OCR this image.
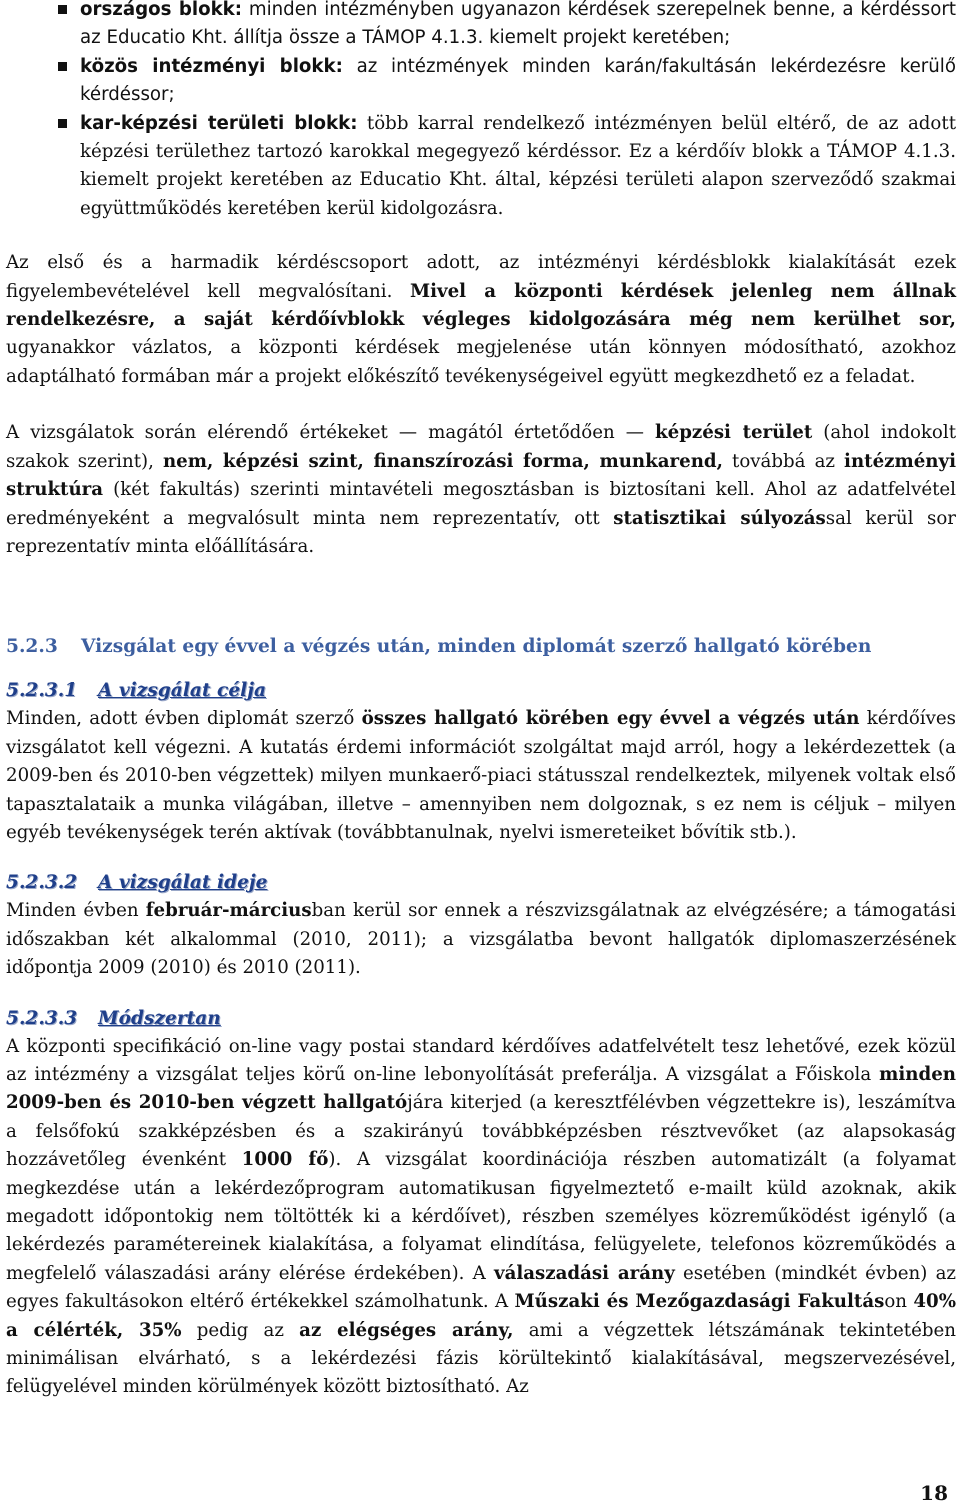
országos blokk: minden intézményben ugyanazon kérdések szerepelnek benne, a kérdéssort az Educatio Kht. állítja össze a TÁMOP 4.1.3. kiemelt projekt keretében;
közös intézményi blokk: az intézmények minden karán/fakultásán lekérdezésre kerülő kérdéssor;
kar-képzési területi blokk: több karral rendelkező intézményen belül eltérő, de az adott képzési területhez tartozó karokkal megegyező kérdéssor. Ez a kérdőív blokk a TÁMOP 4.1.3. kiemelt projekt keretében az Educatio Kht. által, képzési területi alapon szerveződő szakmai együttműködés keretében kerül kidolgozásra.

Az első és a harmadik kérdéscsoport adott, az intézményi kérdésblokk kialakítását ezek figyelembevételével kell megvalósítani. Mivel a központi kérdések jelenleg nem állnak rendelkezésre, a saját kérdőívblokk végleges kidolgozására még nem kerülhet sor, ugyanakkor vázlatos, a központi kérdések megjelenése után könnyen módosítható, azokhoz adaptálható formában már a projekt előkészítő tevékenységeivel együtt megkezdhető ez a feladat.

A vizsgálatok során elérendő értékeket — magától értetődően — képzési terület (ahol indokolt szakok szerint), nem, képzési szint, finanszírozási forma, munkarend, továbbá az intézményi struktúra (két fakultás) szerinti mintavételi megosztásban is biztosítani kell. Ahol az adatfelvétel eredményeként a megvalósult minta nem reprezentatív, ott statisztikai súlyozással kerül sor reprezentatív minta előállítására.

5.2.3 Vizsgálat egy évvel a végzés után, minden diplomát szerző hallgató körében
5.2.3.1 A vizsgálat célja

Minden, adott évben diplomát szerző összes hallgató körében egy évvel a végzés után kérdőíves vizsgálatot kell végezni. A kutatás érdemi információt szolgáltat majd arról, hogy a lekérdezettek (a 2009-ben és 2010-ben végzettek) milyen munkaerő-piaci státusszal rendelkeztek, milyenek voltak első tapasztalataik a munka világában, illetve – amennyiben nem dolgoznak, s ez nem is céljuk – milyen egyéb tevékenységek terén aktívak (továbbtanulnak, nyelvi ismereteiket bővítik stb.).

5.2.3.2 A vizsgálat ideje

Minden évben február-márciusban kerül sor ennek a részvizsgálatnak az elvégzésére; a támogatási időszakban két alkalommal (2010, 2011); a vizsgálatba bevont hallgatók diplomaszerzésének időpontja 2009 (2010) és 2010 (2011).

5.2.3.3 Módszertan

A központi specifikáció on-line vagy postai standard kérdőíves adatfelvételt tesz lehetővé, ezek közül az intézmény a vizsgálat teljes körű on-line lebonyolítását preferálja. A vizsgálat a Főiskola minden 2009-ben és 2010-ben végzett hallgatójára kiterjed (a keresztfélévben végzettekre is), leszámítva a felsőfokú szakképzésben és a szakirányú továbbképzésben résztvevőket (az alapsokaság hozzávetőleg évenként 1000 fő). A vizsgálat koordinációja részben automatizált (a folyamat megkezdése után a lekérdezőprogram automatikusan figyelmeztető e-mailt küld azoknak, akik megadott időpontokig nem töltötték ki a kérdőívet), részben személyes közreműködést igénylő (a lekérdezés paramétereinek kialakítása, a folyamat elindítása, felügyelete, telefonos közreműködés a megfelelő válaszadási arány elérése érdekében). A válaszadási arány esetében (mindkét évben) az egyes fakultásokon eltérő értékekkel számolhatunk. A Műszaki és Mezőgazdasági Fakultáson 40% a célérték, 35% pedig az az elégséges arány, ami a végzettek létszámának tekintetében minimálisan elvárható, s a lekérdezési fázis körültekintő kialakításával, megszervezésével, felügyelével minden körülmények között biztosítható. Az

18
